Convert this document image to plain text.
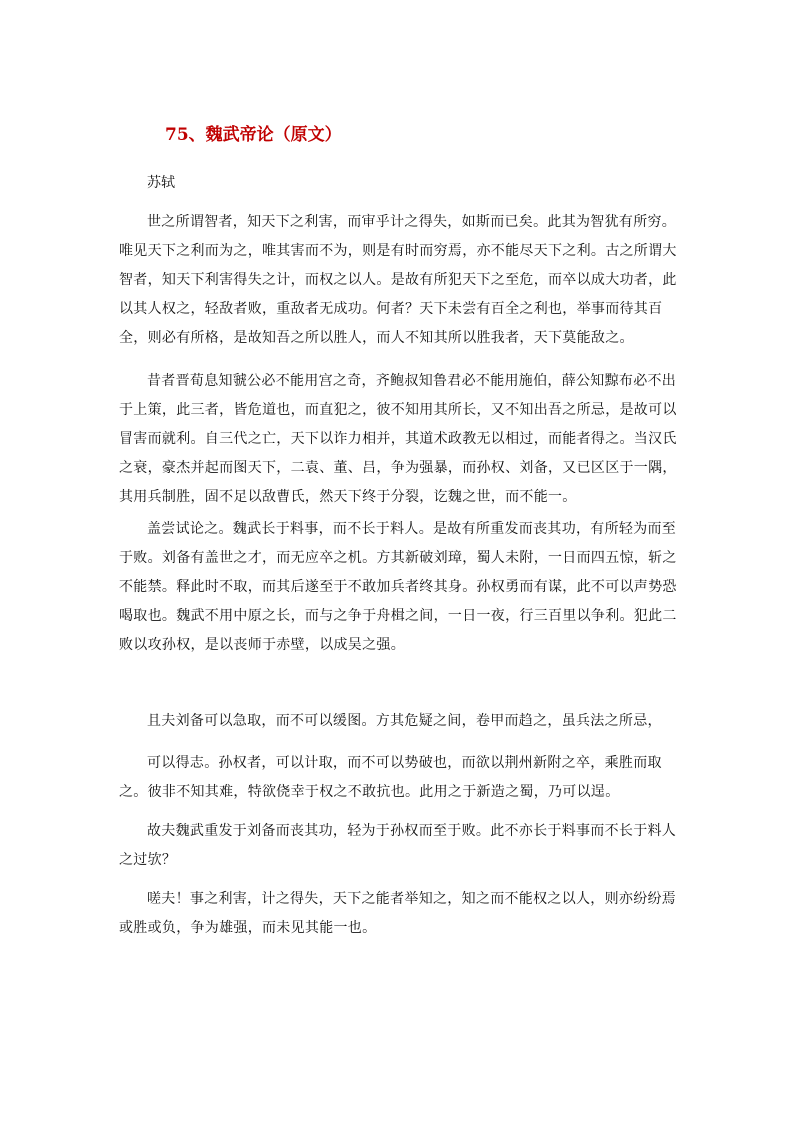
75、魏武帝论（原文）

苏轼

世之所谓智者，知天下之利害，而审乎计之得失，如斯而已矣。此其为智犹有所穷。唯见天下之利而为之，唯其害而不为，则是有时而穷焉，亦不能尽天下之利。古之所谓大智者，知天下利害得失之计，而权之以人。是故有所犯天下之至危，而卒以成大功者，此以其人权之，轻敌者败，重敌者无成功。何者？天下未尝有百全之利也，举事而待其百全，则必有所格，是故知吾之所以胜人，而人不知其所以胜我者，天下莫能敌之。

昔者晋荀息知虢公必不能用宫之奇，齐鲍叔知鲁君必不能用施伯，薛公知黥布必不出于上策，此三者，皆危道也，而直犯之，彼不知用其所长，又不知出吾之所忌，是故可以冒害而就利。自三代之亡，天下以诈力相并，其道术政教无以相过，而能者得之。当汉氏之衰，豪杰并起而图天下，二袁、董、吕，争为强暴，而孙权、刘备，又已区区于一隅，其用兵制胜，固不足以敌曹氏，然天下终于分裂，讫魏之世，而不能一。

盖尝试论之。魏武长于料事，而不长于料人。是故有所重发而丧其功，有所轻为而至于败。刘备有盖世之才，而无应卒之机。方其新破刘璋，蜀人未附，一日而四五惊，斩之不能禁。释此时不取，而其后遂至于不敢加兵者终其身。孙权勇而有谋，此不可以声势恐喝取也。魏武不用中原之长，而与之争于舟楫之间，一日一夜，行三百里以争利。犯此二败以攻孙权，是以丧师于赤壁，以成吴之强。

且夫刘备可以急取，而不可以缓图。方其危疑之间，卷甲而趋之，虽兵法之所忌，

可以得志。孙权者，可以计取，而不可以势破也，而欲以荆州新附之卒，乘胜而取之。彼非不知其难，特欲侥幸于权之不敢抗也。此用之于新造之蜀，乃可以逞。

故夫魏武重发于刘备而丧其功，轻为于孙权而至于败。此不亦长于料事而不长于料人之过欤？

嗟夫！事之利害，计之得失，天下之能者举知之，知之而不能权之以人，则亦纷纷焉或胜或负，争为雄强，而未见其能一也。
